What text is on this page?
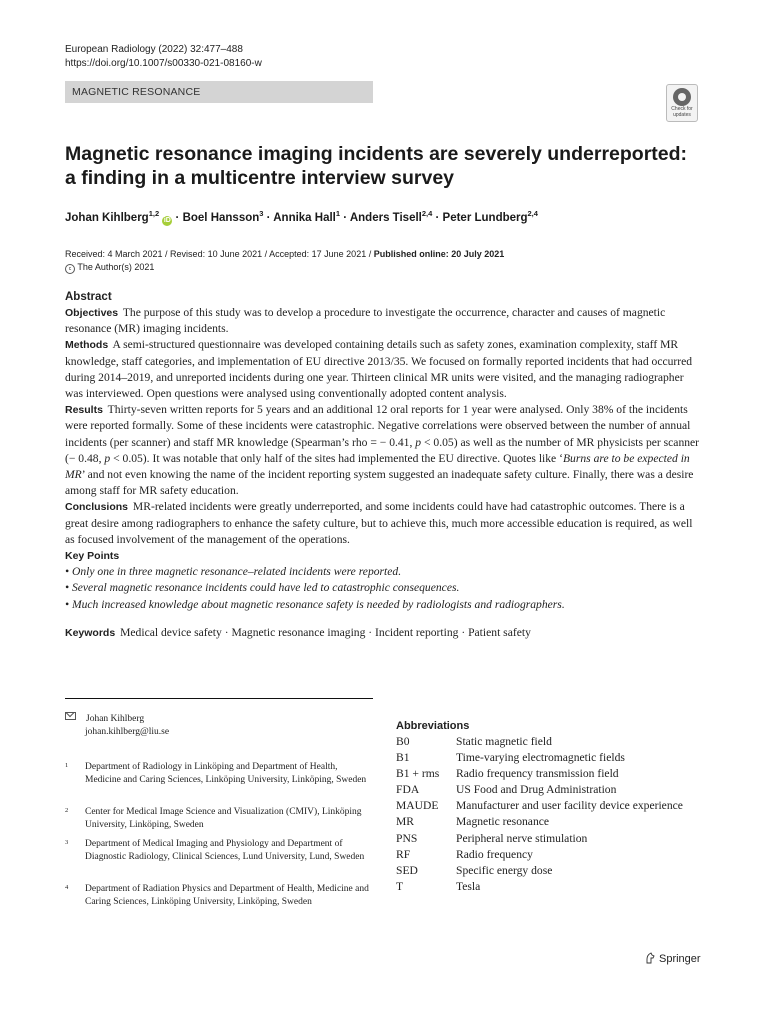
European Radiology (2022) 32:477–488
https://doi.org/10.1007/s00330-021-08160-w
MAGNETIC RESONANCE
Check for
updates
Magnetic resonance imaging incidents are severely underreported:
a finding in a multicentre interview survey
Johan Kihlberg$^{1,2}$ iD · Boel Hansson$^3$ · Annika Hall$^1$ · Anders Tisell$^{2,4}$ · Peter Lundberg$^{2,4}$
Received: 4 March 2021 / Revised: 10 June 2021 / Accepted: 17 June 2021 / Published online: 20 July 2021
c The Author(s) 2021
Abstract

Objectives The purpose of this study was to develop a procedure to investigate the occurrence, character and causes of magnetic resonance (MR) imaging incidents.

Methods A semi-structured questionnaire was developed containing details such as safety zones, examination complexity, staff MR knowledge, staff categories, and implementation of EU directive 2013/35. We focused on formally reported incidents that had occurred during 2014–2019, and unreported incidents during one year. Thirteen clinical MR units were visited, and the managing radiographer was interviewed. Open questions were analysed using conventionally adopted content analysis.

Results Thirty-seven written reports for 5 years and an additional 12 oral reports for 1 year were analysed. Only 38% of the incidents were reported formally. Some of these incidents were catastrophic. Negative correlations were observed between the number of annual incidents (per scanner) and staff MR knowledge (Spearman’s rho = − 0.41, p < 0.05) as well as the number of MR physicists per scanner (− 0.48, p < 0.05). It was notable that only half of the sites had implemented the EU directive. Quotes like ‘Burns are to be expected in MR’ and not even knowing the name of the incident reporting system suggested an inadequate safety culture. Finally, there was a desire among staff for MR safety education.

Conclusions MR-related incidents were greatly underreported, and some incidents could have had catastrophic outcomes. There is a great desire among radiographers to enhance the safety culture, but to achieve this, much more accessible education is required, as well as focused involvement of the management of the operations.

Key Points

• Only one in three magnetic resonance–related incidents were reported.

• Several magnetic resonance incidents could have led to catastrophic consequences.

• Much increased knowledge about magnetic resonance safety is needed by radiologists and radiographers.

Keywords Medical device safety · Magnetic resonance imaging · Incident reporting · Patient safety
Johan Kihlberg
johan.kihlberg@liu.se
1 Department of Radiology in Linköping and Department of Health, Medicine and Caring Sciences, Linköping University, Linköping, Sweden
2 Center for Medical Image Science and Visualization (CMIV), Linköping University, Linköping, Sweden
3 Department of Medical Imaging and Physiology and Department of Diagnostic Radiology, Clinical Sciences, Lund University, Lund, Sweden
4 Department of Radiation Physics and Department of Health, Medicine and Caring Sciences, Linköping University, Linköping, Sweden
Abbreviations
B0	Static magnetic field
B1	Time-varying electromagnetic fields
B1 + rms	Radio frequency transmission field
FDA	US Food and Drug Administration
MAUDE	Manufacturer and user facility device experience
MR	Magnetic resonance
PNS	Peripheral nerve stimulation
RF	Radio frequency
SED	Specific energy dose
T	Tesla
Springer
